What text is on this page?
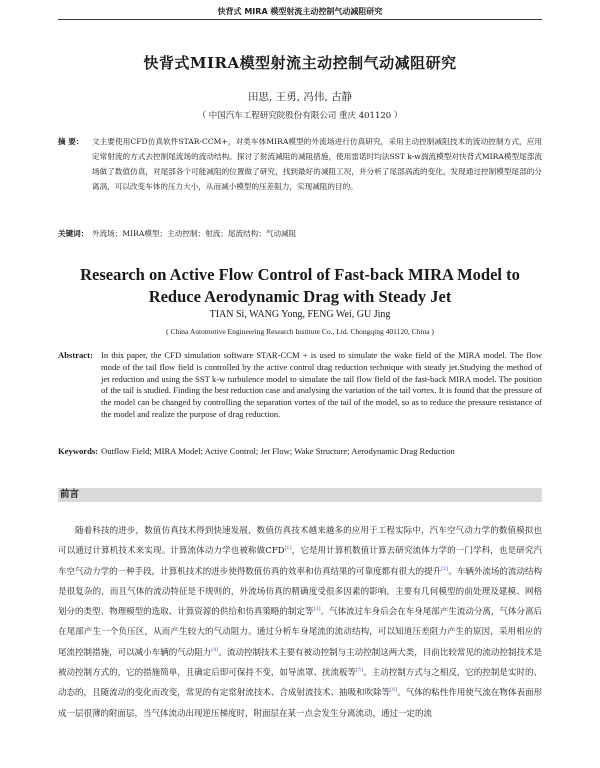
快背式 MIRA 模型射流主动控制气动减阻研究
快背式MIRA模型射流主动控制气动减阻研究
田思, 王勇, 冯伟, 古静
（ 中国汽车工程研究院股份有限公司 重庆 401120 ）
摘 要： 文主要使用CFD仿真软件STAR-CCM+，对类车体MIRA模型的外流场进行仿真研究，采用主动控制减阻技术的流动控制方式，应用定常射流的方式去控制尾流场的流动结构。探讨了射流减阻的减阻措施，使用雷诺时均法SST k-w湍流模型对快背式MIRA模型尾部流场做了数值仿真，对尾部各个可能减阻的位置做了研究，找到最好的减阻工况，并分析了尾部涡流的变化，发现通过控制模型尾部的分离涡，可以改变车体的压力大小，从而减小模型的压差阻力，实现减阻的目的。
关键词： 外流场；MIRA模型；主动控制；射流；尾流结构；气动减阻
Research on Active Flow Control of Fast-back MIRA Model to
Reduce Aerodynamic Drag with Steady Jet
TIAN Si, WANG Yong, FENG Wei, GU Jing
( China Automotive Engineering Research Institute Co., Ltd. Chongqing 401120, China )
Abstract: In this paper, the CFD simulation software STAR-CCM + is used to simulate the wake field of the MIRA model. The flow mode of the tail flow field is controlled by the active control drag reduction technique with steady jet.Studying the method of jet reduction and using the SST k-w turbulence model to simulate the tail flow field of the fast-back MIRA model. The position of the tail is studied. Finding the best reduction case and analysing the variation of the tail vortex. It is found that the pressure of the model can be changed by controlling the separation vortex of the tail of the model, so as to reduce the pressure resistance of the model and realize the purpose of drag reduction.
Keywords: Outflow Field; MIRA Model; Active Control; Jet Flow; Wake Structure; Aerodynamic Drag Reduction
前言
随着科技的进步，数值仿真技术得到快速发展，数值仿真技术越来越多的应用于工程实际中，汽车空气动力学的数值模拟也可以通过计算机技术来实现。计算流体动力学也被称做CFD[1]，它是用计算机数值计算去研究流体力学的一门学科，也是研究汽车空气动力学的一种手段，计算机技术的进步使得数值仿真的效率和仿真结果的可靠度都有很大的提升[2]。车辆外流场的流动结构是很复杂的，而且气体的流动特征是不规则的，外流场仿真的精确度受很多因素的影响，主要有几何模型的前处理及建模、网格划分的类型、物理模型的选取、计算资源的供给和仿真策略的制定等[3]。气体流过车身后会在车身尾部产生流动分离，气体分离后在尾部产生一个负压区，从而产生较大的气动阻力。通过分析车身尾流的流动结构，可以知道压差阻力产生的原因，采用相应的尾流控制措施，可以减小车辆的气动阻力[4]。流动控制技术主要有被动控制与主动控制这两大类，目前比较常见的流动控制技术是被动控制方式的，它的措施简单，且确定后即可保持不变，如导流罩、扰流板等[5]。主动控制方式与之相反，它的控制是实时的、动态的，且随流动的变化而改变，常见的有定常射流技术、合成射流技术、抽吸和吹除等[6]。气体的粘性作用使气流在物体表面形成一层很薄的附面层，当气体流动出现逆压梯度时，附面层在某一点会发生分离流动，通过一定的流
